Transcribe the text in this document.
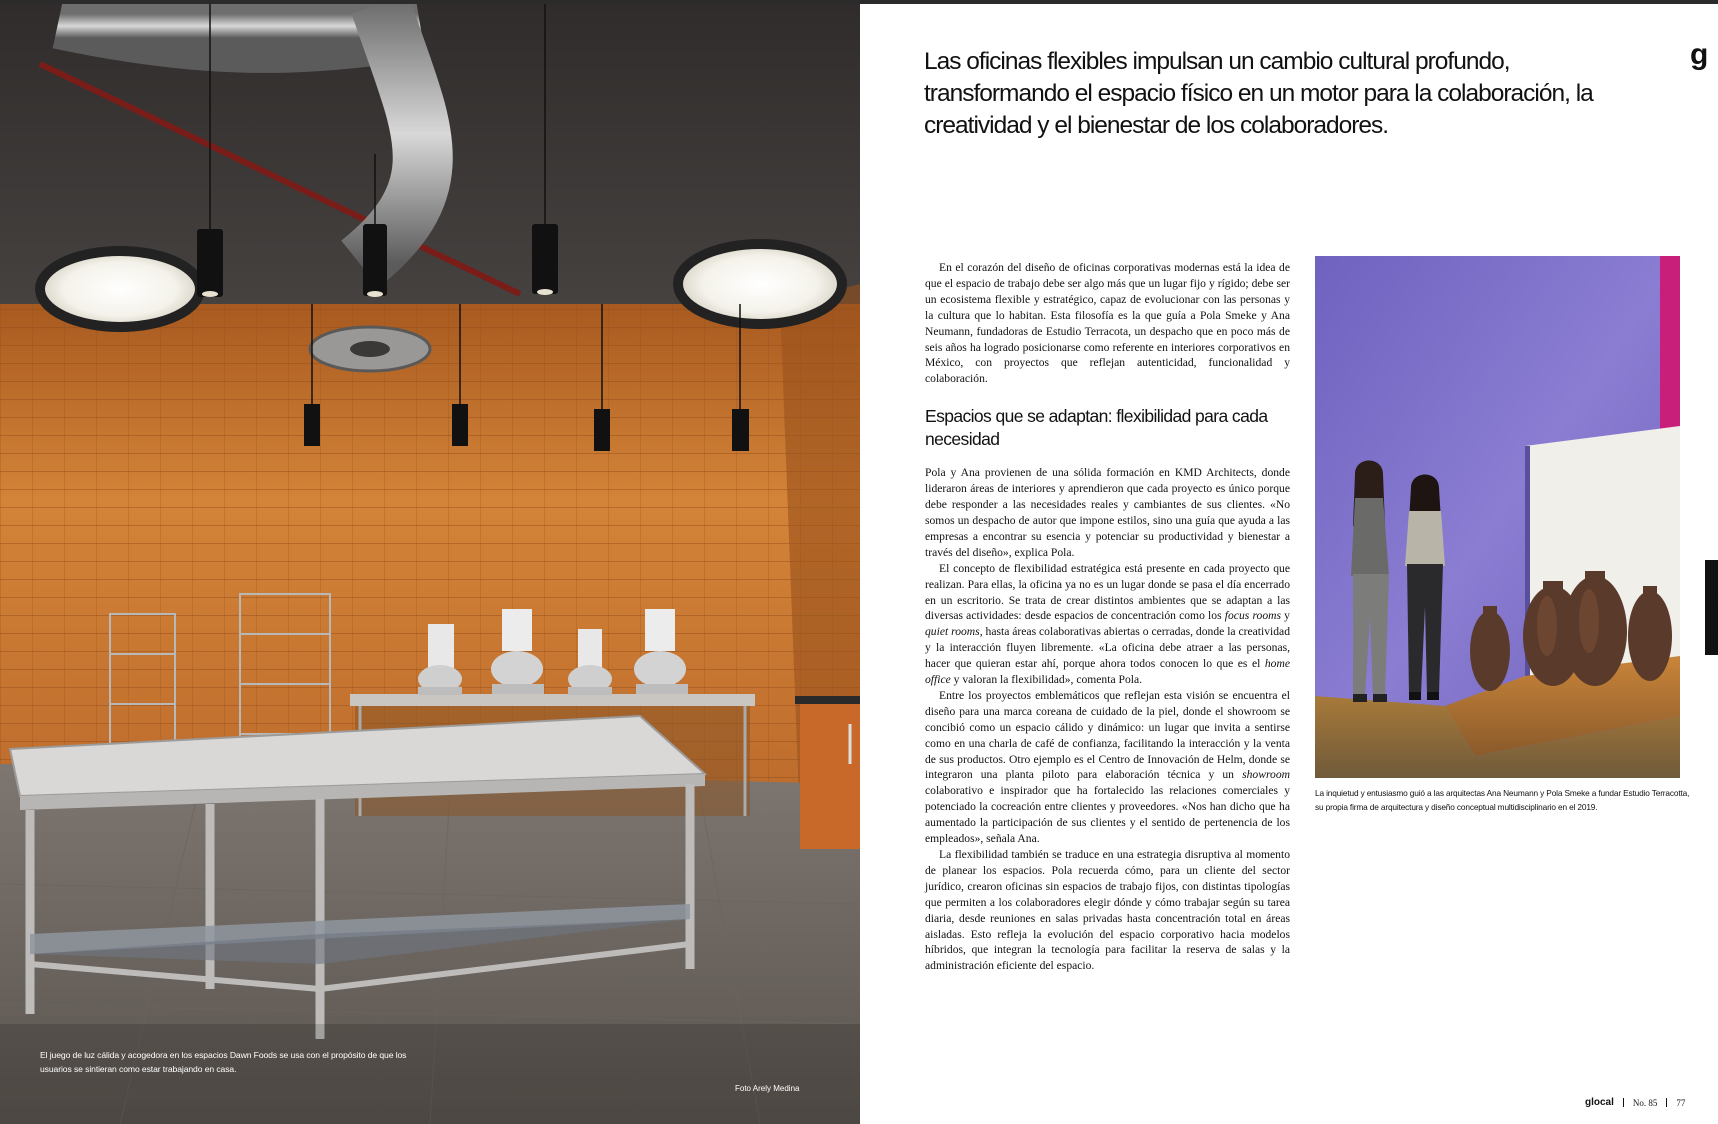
El juego de luz cálida y acogedora en los espacios Dawn Foods se usa con el propósito de que los usuarios se sintieran como estar trabajando en casa.
Foto Arely Medina
Las oficinas flexibles impulsan un cambio cultural profundo, transformando el espacio físico en un motor para la colaboración, la creatividad y el bienestar de los colaboradores.
g
07 / Especial

En el corazón del diseño de oficinas corporativas modernas está la idea de que el espacio de trabajo debe ser algo más que un lugar fijo y rígido; debe ser un ecosistema flexible y estratégico, capaz de evolucionar con las personas y la cultura que lo habitan. Esta filosofía es la que guía a Pola Smeke y Ana Neumann, fundadoras de Estudio Terracota, un despacho que en poco más de seis años ha logrado posicionarse como referente en interiores corporativos en México, con proyectos que reflejan autenticidad, funcionalidad y colaboración.

Espacios que se adaptan: flexibilidad para cada necesidad

Pola y Ana provienen de una sólida formación en KMD Architects, donde lideraron áreas de interiores y aprendieron que cada proyecto es único porque debe responder a las necesidades reales y cambiantes de sus clientes. «No somos un despacho de autor que impone estilos, sino una guía que ayuda a las empresas a encontrar su esencia y potenciar su productividad y bienestar a través del diseño», explica Pola.

El concepto de flexibilidad estratégica está presente en cada proyecto que realizan. Para ellas, la oficina ya no es un lugar donde se pasa el día encerrado en un escritorio. Se trata de crear distintos ambientes que se adaptan a las diversas actividades: desde espacios de concentración como los focus rooms y quiet rooms, hasta áreas colaborativas abiertas o cerradas, donde la creatividad y la interacción fluyen libremente. «La oficina debe atraer a las personas, hacer que quieran estar ahí, porque ahora todos conocen lo que es el home office y valoran la flexibilidad», comenta Pola.

Entre los proyectos emblemáticos que reflejan esta visión se encuentra el diseño para una marca coreana de cuidado de la piel, donde el showroom se concibió como un espacio cálido y dinámico: un lugar que invita a sentirse como en una charla de café de confianza, facilitando la interacción y la venta de sus productos. Otro ejemplo es el Centro de Innovación de Helm, donde se integraron una planta piloto para elaboración técnica y un showroom colaborativo e inspirador que ha fortalecido las relaciones comerciales y potenciado la cocreación entre clientes y proveedores. «Nos han dicho que ha aumentado la participación de sus clientes y el sentido de pertenencia de los empleados», señala Ana.

La flexibilidad también se traduce en una estrategia disruptiva al momento de planear los espacios. Pola recuerda cómo, para un cliente del sector jurídico, crearon oficinas sin espacios de trabajo fijos, con distintas tipologías que permiten a los colaboradores elegir dónde y cómo trabajar según su tarea diaria, desde reuniones en salas privadas hasta concentración total en áreas aisladas. Esto refleja la evolución del espacio corporativo hacia modelos híbridos, que integran la tecnología para facilitar la reserva de salas y la administración eficiente del espacio.

La inquietud y entusiasmo guió a las arquitectas Ana Neumann y Pola Smeke a fundar Estudio Terracotta, su propia firma de arquitectura y diseño conceptual multidisciplinario en el 2019.
glocal No. 85 77
